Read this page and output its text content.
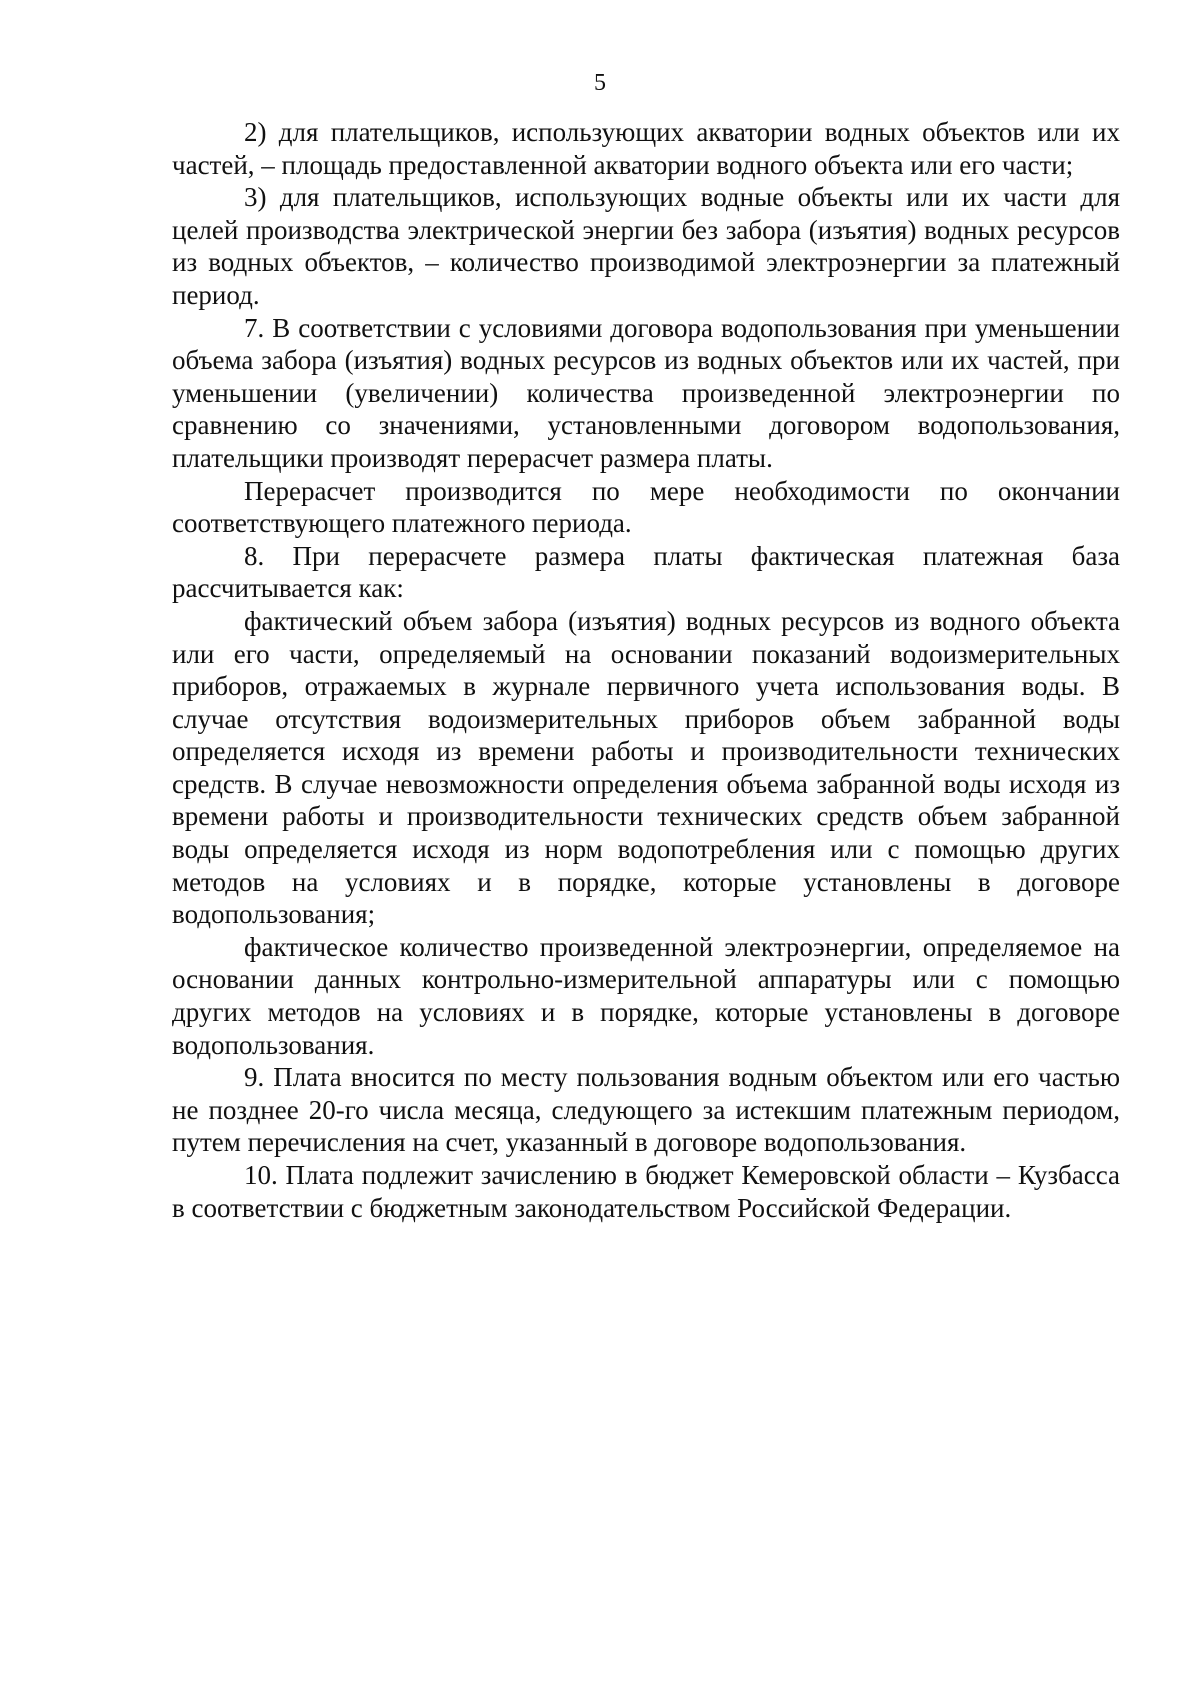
5

2) для плательщиков, использующих акватории водных объектов или их частей, – площадь предоставленной акватории водного объекта или его части;

3) для плательщиков, использующих водные объекты или их части для целей производства электрической энергии без забора (изъятия) водных ресурсов из водных объектов, – количество производимой электроэнергии за платежный период.

7. В соответствии с условиями договора водопользования при уменьшении объема забора (изъятия) водных ресурсов из водных объектов или их частей, при уменьшении (увеличении) количества произведенной электроэнергии по сравнению со значениями, установленными договором водопользования, плательщики производят перерасчет размера платы.

Перерасчет производится по мере необходимости по окончании соответствующего платежного периода.

8. При перерасчете размера платы фактическая платежная база рассчитывается как:

фактический объем забора (изъятия) водных ресурсов из водного объекта или его части, определяемый на основании показаний водоизмерительных приборов, отражаемых в журнале первичного учета использования воды. В случае отсутствия водоизмерительных приборов объем забранной воды определяется исходя из времени работы и производительности технических средств. В случае невозможности определения объема забранной воды исходя из времени работы и производительности технических средств объем забранной воды определяется исходя из норм водопотребления или с помощью других методов на условиях и в порядке, которые установлены в договоре водопользования;

фактическое количество произведенной электроэнергии, определяемое на основании данных контрольно-измерительной аппаратуры или с помощью других методов на условиях и в порядке, которые установлены в договоре водопользования.

9. Плата вносится по месту пользования водным объектом или его частью не позднее 20-го числа месяца, следующего за истекшим платежным периодом, путем перечисления на счет, указанный в договоре водопользования.

10. Плата подлежит зачислению в бюджет Кемеровской области – Кузбасса в соответствии с бюджетным законодательством Российской Федерации.
